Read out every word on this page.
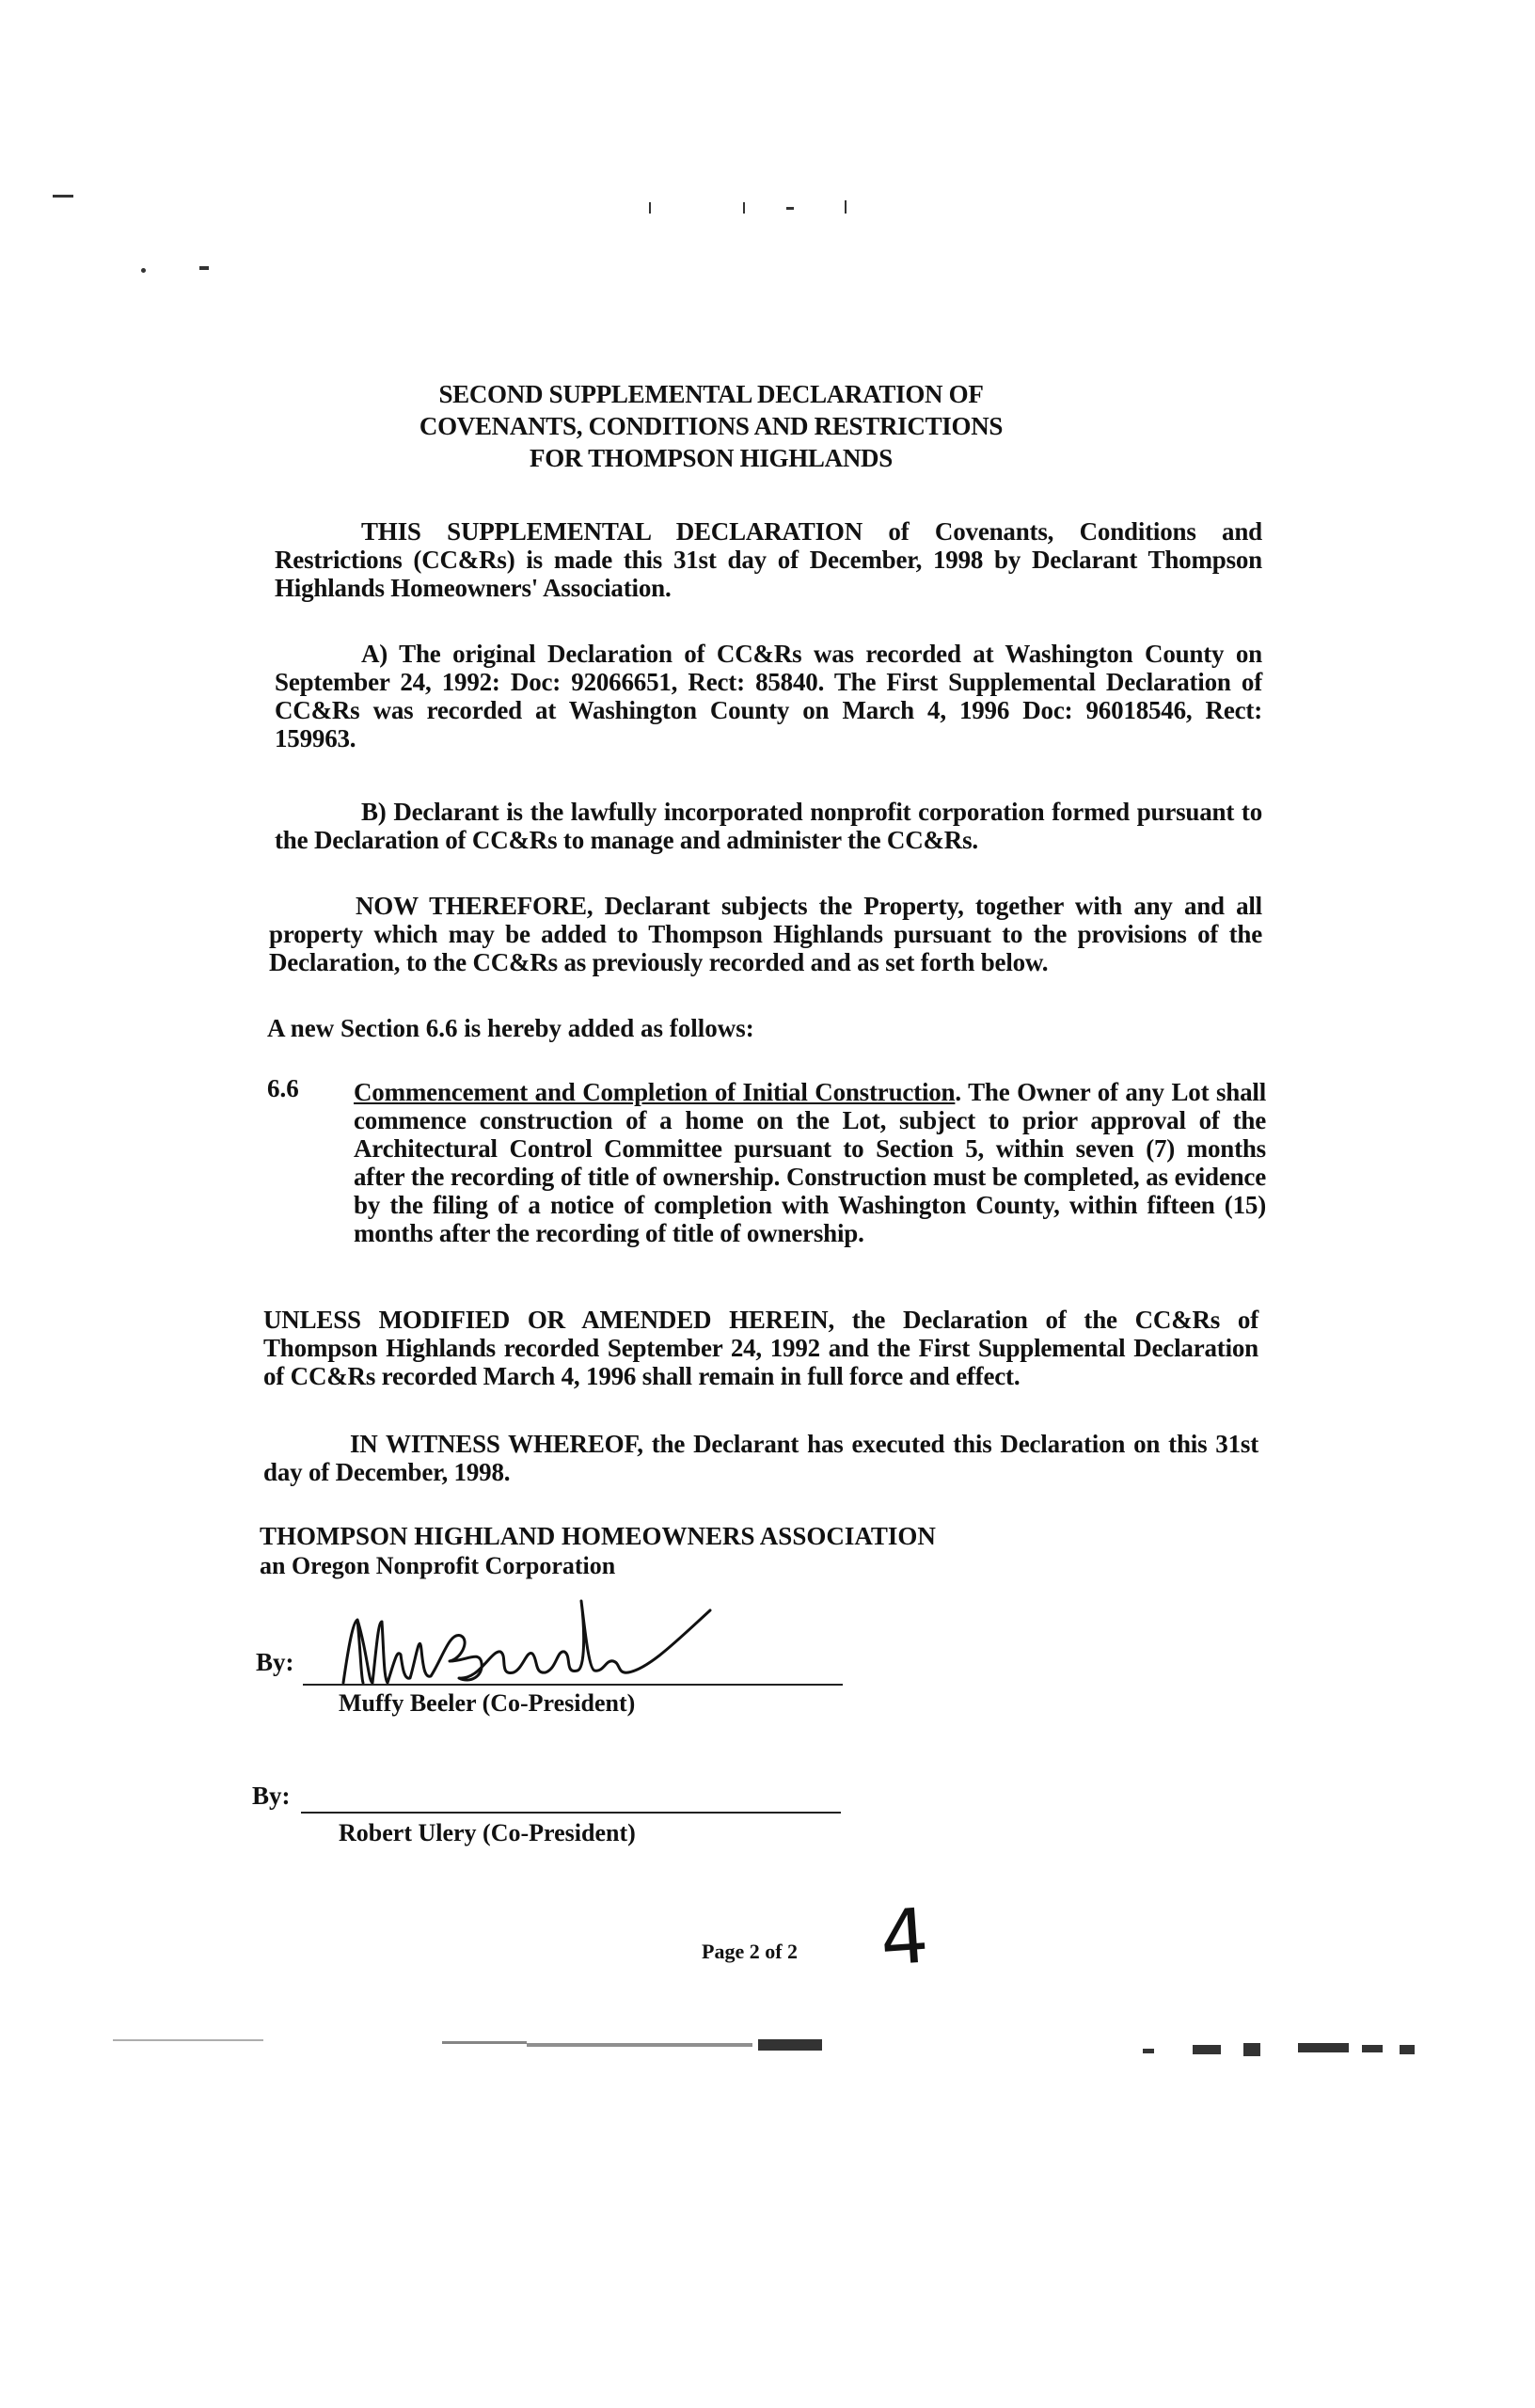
SECOND SUPPLEMENTAL DECLARATION OF
COVENANTS, CONDITIONS AND RESTRICTIONS
FOR THOMPSON HIGHLANDS
THIS SUPPLEMENTAL DECLARATION of Covenants, Conditions and Restrictions (CC&Rs) is made this 31st day of December, 1998 by Declarant Thompson Highlands Homeowners' Association.
A) The original Declaration of CC&Rs was recorded at Washington County on September 24, 1992: Doc: 92066651, Rect: 85840. The First Supplemental Declaration of CC&Rs was recorded at Washington County on March 4, 1996 Doc: 96018546, Rect: 159963.
B) Declarant is the lawfully incorporated nonprofit corporation formed pursuant to the Declaration of CC&Rs to manage and administer the CC&Rs.
NOW THEREFORE, Declarant subjects the Property, together with any and all property which may be added to Thompson Highlands pursuant to the provisions of the Declaration, to the CC&Rs as previously recorded and as set forth below.
A new Section 6.6 is hereby added as follows:
6.6 Commencement and Completion of Initial Construction. The Owner of any Lot shall commence construction of a home on the Lot, subject to prior approval of the Architectural Control Committee pursuant to Section 5, within seven (7) months after the recording of title of ownership. Construction must be completed, as evidence by the filing of a notice of completion with Washington County, within fifteen (15) months after the recording of title of ownership.
UNLESS MODIFIED OR AMENDED HEREIN, the Declaration of the CC&Rs of Thompson Highlands recorded September 24, 1992 and the First Supplemental Declaration of CC&Rs recorded March 4, 1996 shall remain in full force and effect.
IN WITNESS WHEREOF, the Declarant has executed this Declaration on this 31st day of December, 1998.
THOMPSON HIGHLAND HOMEOWNERS ASSOCIATION
an Oregon Nonprofit Corporation
By:
Muffy Beeler (Co-President)
By:
Robert Ulery (Co-President)
Page 2 of 2 4
